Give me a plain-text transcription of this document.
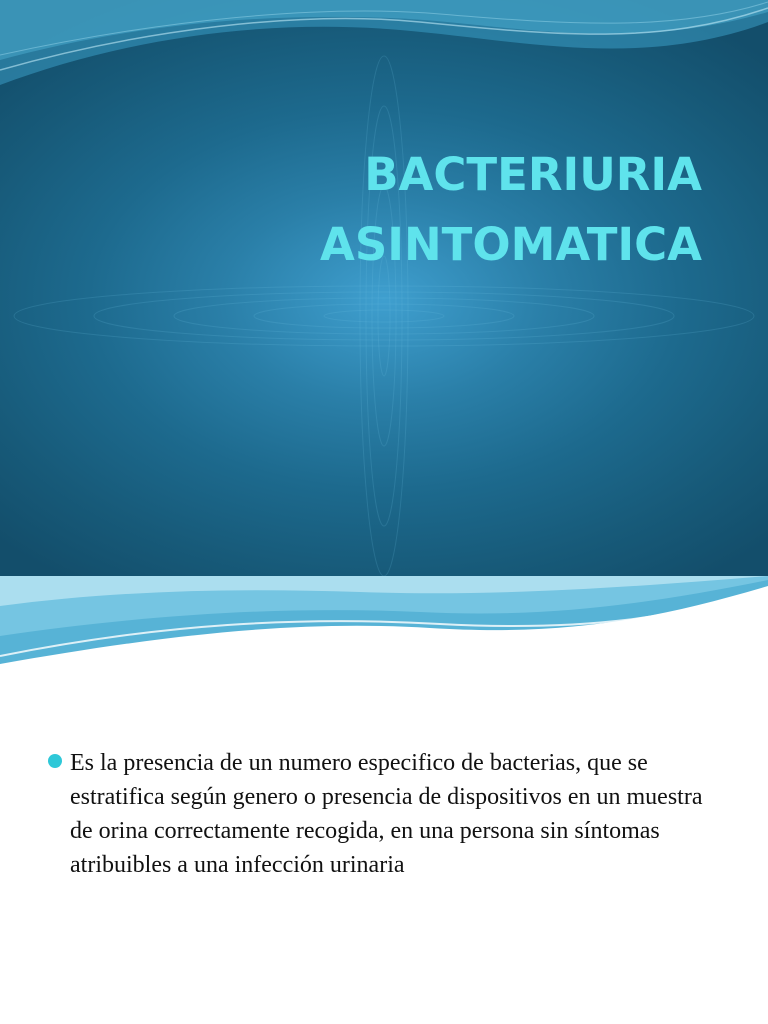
BACTERIURIA
ASINTOMATICA
Es la presencia de un numero especifico de bacterias, que se estratifica según genero o presencia de dispositivos en un muestra de orina correctamente recogida, en una persona sin síntomas atribuibles a una infección urinaria
